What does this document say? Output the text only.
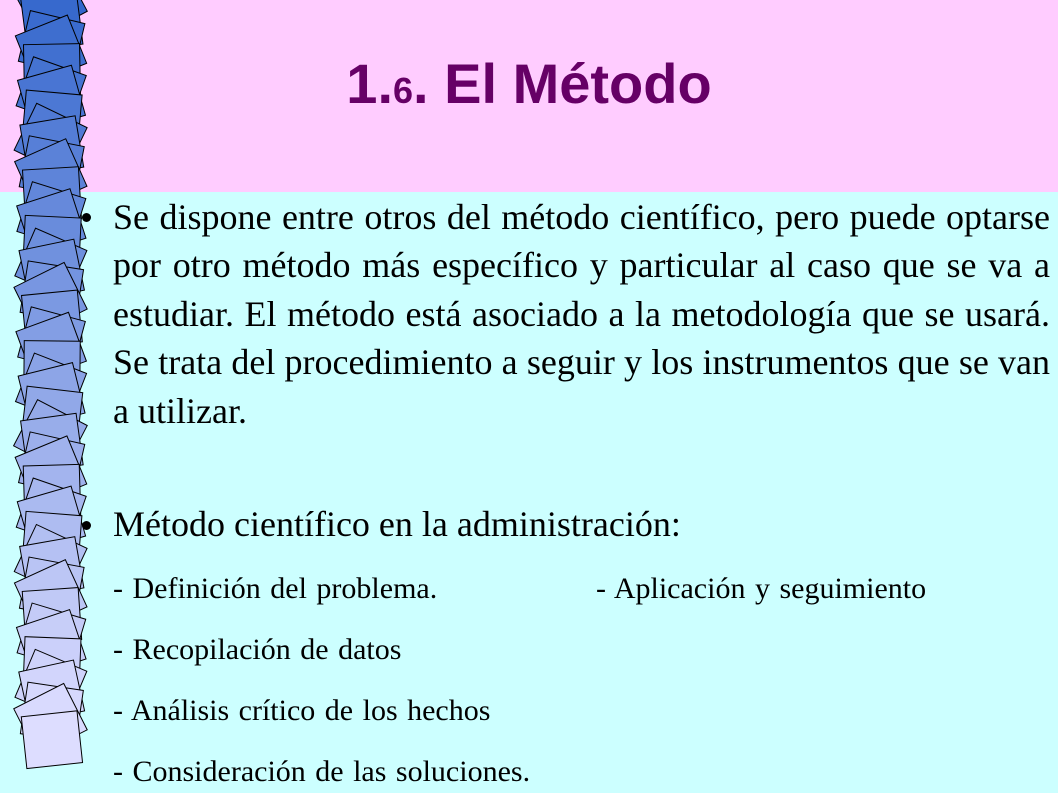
1.6. El Método
Se dispone entre otros del método científico, pero puede optarse por otro método más específico y particular al caso que se va a estudiar. El método está asociado a la metodología que se usará. Se trata del procedimiento a seguir y los instrumentos que se van a utilizar.
Método científico en la administración:
- Definición del problema.	- Aplicación y seguimiento
- Recopilación de datos
- Análisis crítico de los hechos
- Consideración de las soluciones.
